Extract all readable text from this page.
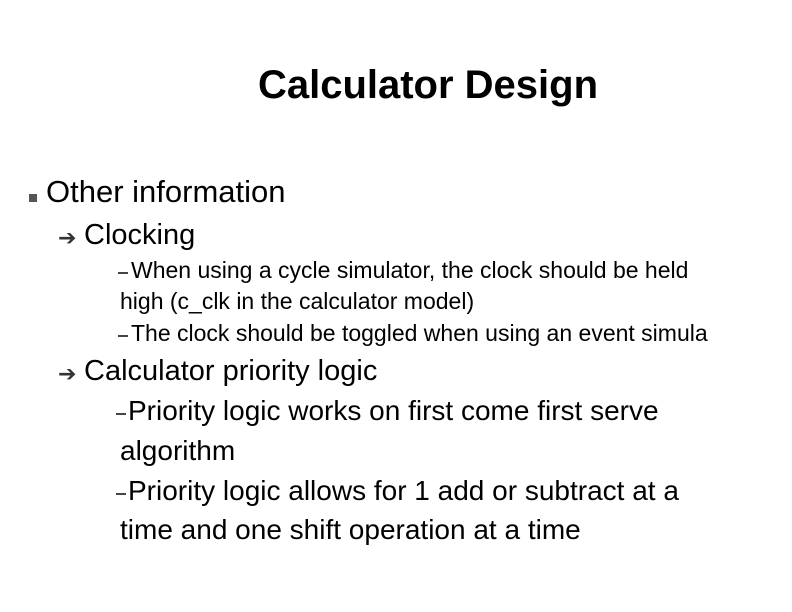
Calculator Design
Other information
➔ Clocking
When using a cycle simulator, the clock should be held
high (c_clk in the calculator model)
The clock should be toggled when using an event simula
➔ Calculator priority logic
Priority logic works on first come first serve
algorithm
Priority logic allows for 1 add or subtract at a
time and one shift operation at a time
